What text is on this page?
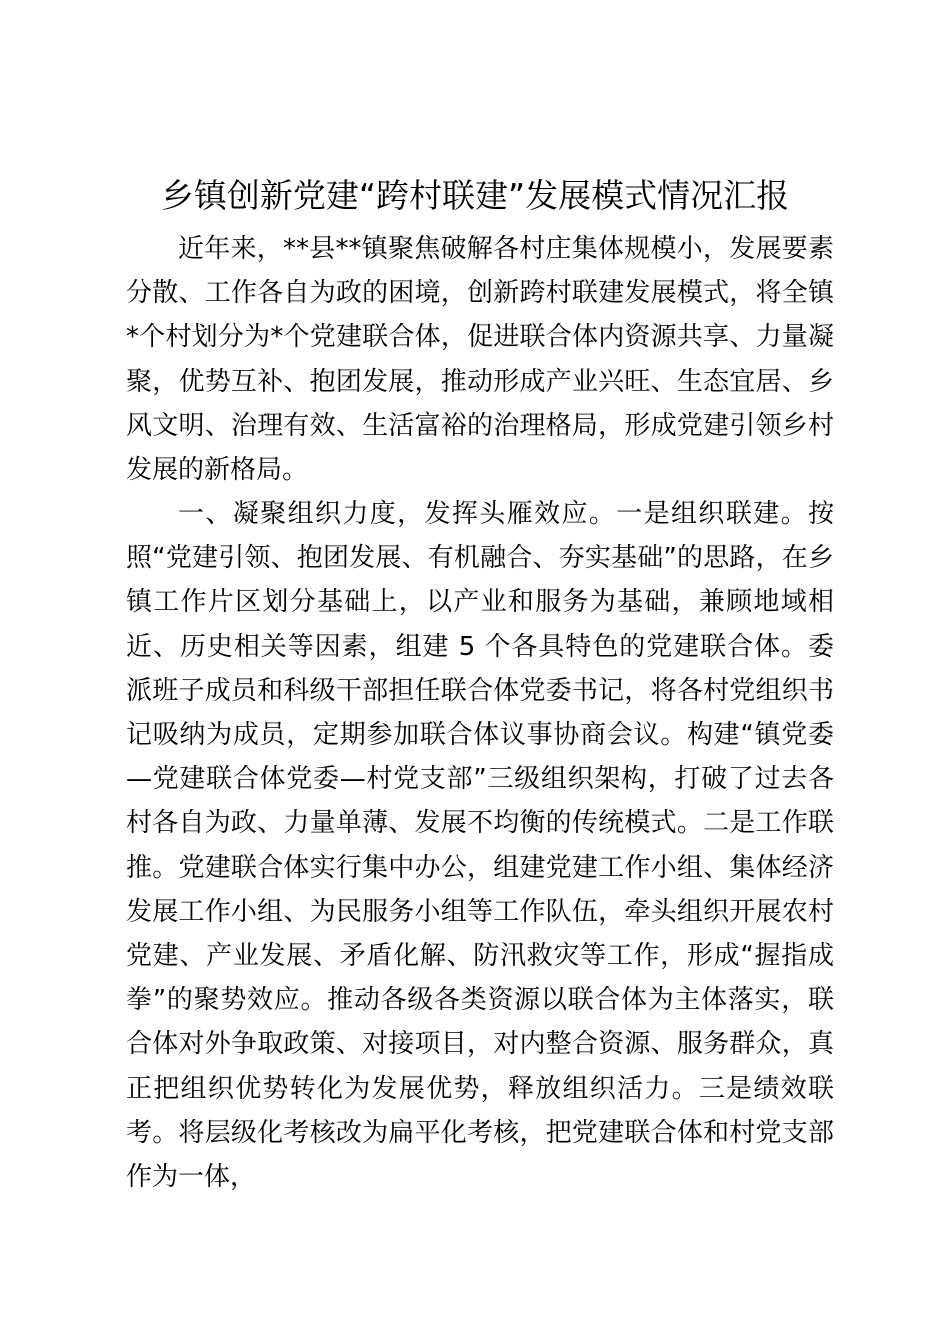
乡镇创新党建“跨村联建”发展模式情况汇报

近年来，**县**镇聚焦破解各村庄集体规模小，发展要素分散、工作各自为政的困境，创新跨村联建发展模式，将全镇*个村划分为*个党建联合体，促进联合体内资源共享、力量凝聚，优势互补、抱团发展，推动形成产业兴旺、生态宜居、乡风文明、治理有效、生活富裕的治理格局，形成党建引领乡村发展的新格局。

一、凝聚组织力度，发挥头雁效应。一是组织联建。按照“党建引领、抱团发展、有机融合、夯实基础”的思路，在乡镇工作片区划分基础上，以产业和服务为基础，兼顾地域相近、历史相关等因素，组建 5 个各具特色的党建联合体。委派班子成员和科级干部担任联合体党委书记，将各村党组织书记吸纳为成员，定期参加联合体议事协商会议。构建“镇党委—党建联合体党委—村党支部”三级组织架构，打破了过去各村各自为政、力量单薄、发展不均衡的传统模式。二是工作联推。党建联合体实行集中办公，组建党建工作小组、集体经济发展工作小组、为民服务小组等工作队伍，牵头组织开展农村党建、产业发展、矛盾化解、防汛救灾等工作，形成“握指成拳”的聚势效应。推动各级各类资源以联合体为主体落实，联合体对外争取政策、对接项目，对内整合资源、服务群众，真正把组织优势转化为发展优势，释放组织活力。三是绩效联考。将层级化考核改为扁平化考核，把党建联合体和村党支部作为一体，
